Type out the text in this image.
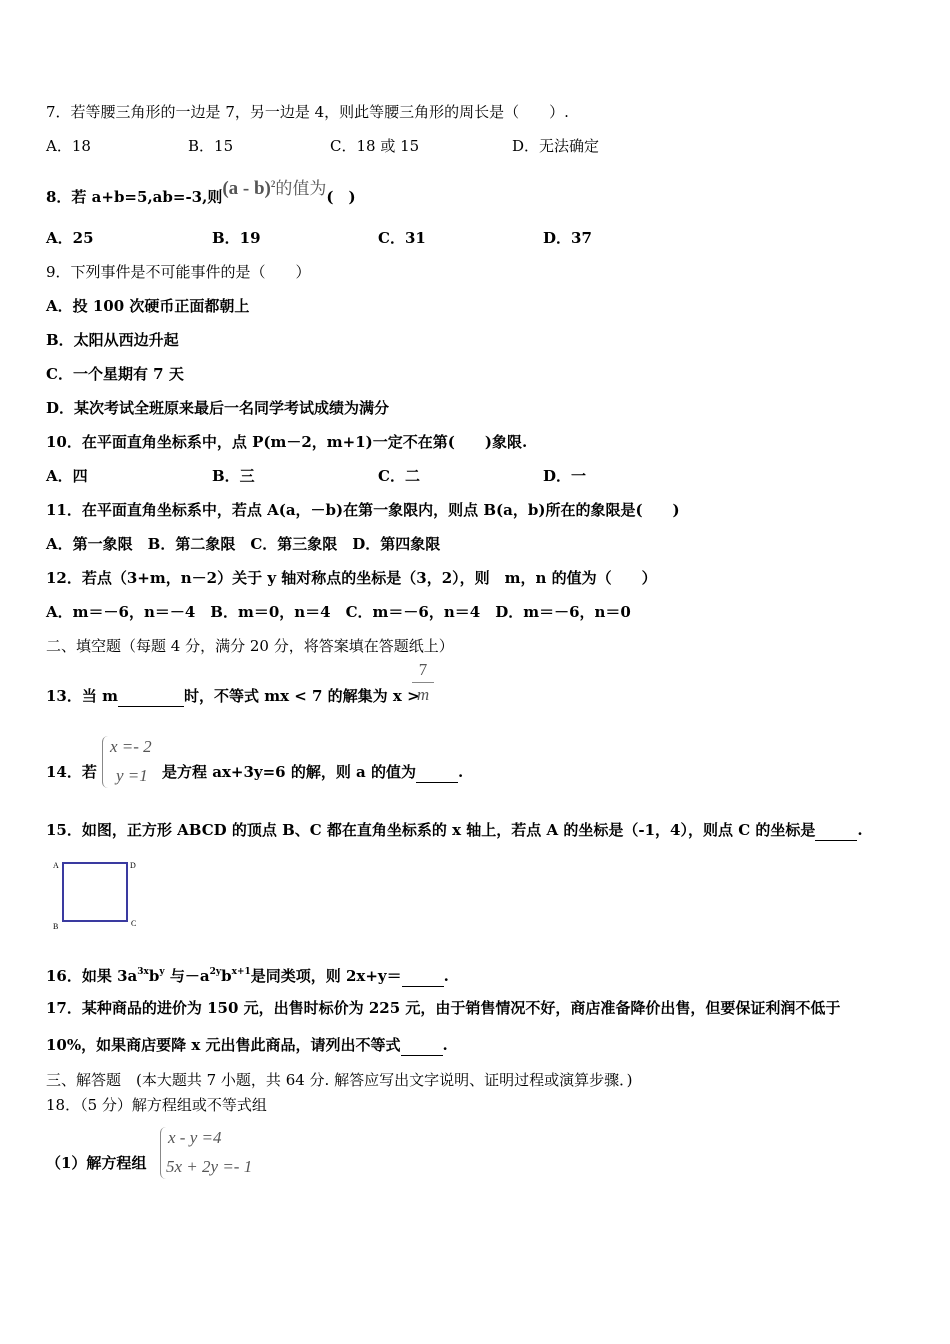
7．若等腰三角形的一边是 7，另一边是 4，则此等腰三角形的周长是（　　）.
A．18	B．15	C．18 或 15	D．无法确定
8．若 a+b=5,ab=-3,则(a - b)$^2$的值为(　)
A．25	B．19	C．31	D．37
9．下列事件是不可能事件的是（　　）
A．投 100 次硬币正面都朝上
B．太阳从西边升起
C．一个星期有 7 天
D．某次考试全班原来最后一名同学考试成绩为满分
10．在平面直角坐标系中，点 P(m－2，m+1)一定不在第(　　)象限.
A．四	B．三	C．二	D．一
11．在平面直角坐标系中，若点 A(a，－b)在第一象限内，则点 B(a，b)所在的象限是(　　)
A．第一象限　B．第二象限　C．第三象限　D．第四象限
12．若点（3+m，n－2）关于 y 轴对称点的坐标是（3，2），则　m，n 的值为（　　）
A．m＝－6，n＝－4　B．m＝0，n＝4　C．m＝－6，n＝4　D．m＝－6，n＝0
二、填空题（每题 4 分，满分 20 分，将答案填在答题纸上）
13．当 m	时，不等式 mx < 7 的解集为 x >
7
m
14．若
x =- 2
y =1 是方程 ax+3y=6 的解，则 a 的值为	.
15．如图，正方形 ABCD 的顶点 B、C 都在直角坐标系的 x 轴上，若点 A 的坐标是（-1，4），则点 C 的坐标是	.
A	D
B	C
16．如果 $3a^{3x}b^y$ 与$-a^{2y}b^{x+1}$是同类项，则 2x+y＝	.
17．某种商品的进价为 150 元，出售时标价为 225 元，由于销售情况不好，商店准备降价出售，但要保证利润不低于
10%，如果商店要降 x 元出售此商品，请列出不等式	.
三、解答题　(本大题共 7 小题，共 64 分. 解答应写出文字说明、证明过程或演算步骤．)
18．（5 分）解方程组或不等式组
（1）解方程组
x - y =4
5x + 2y =- 1
